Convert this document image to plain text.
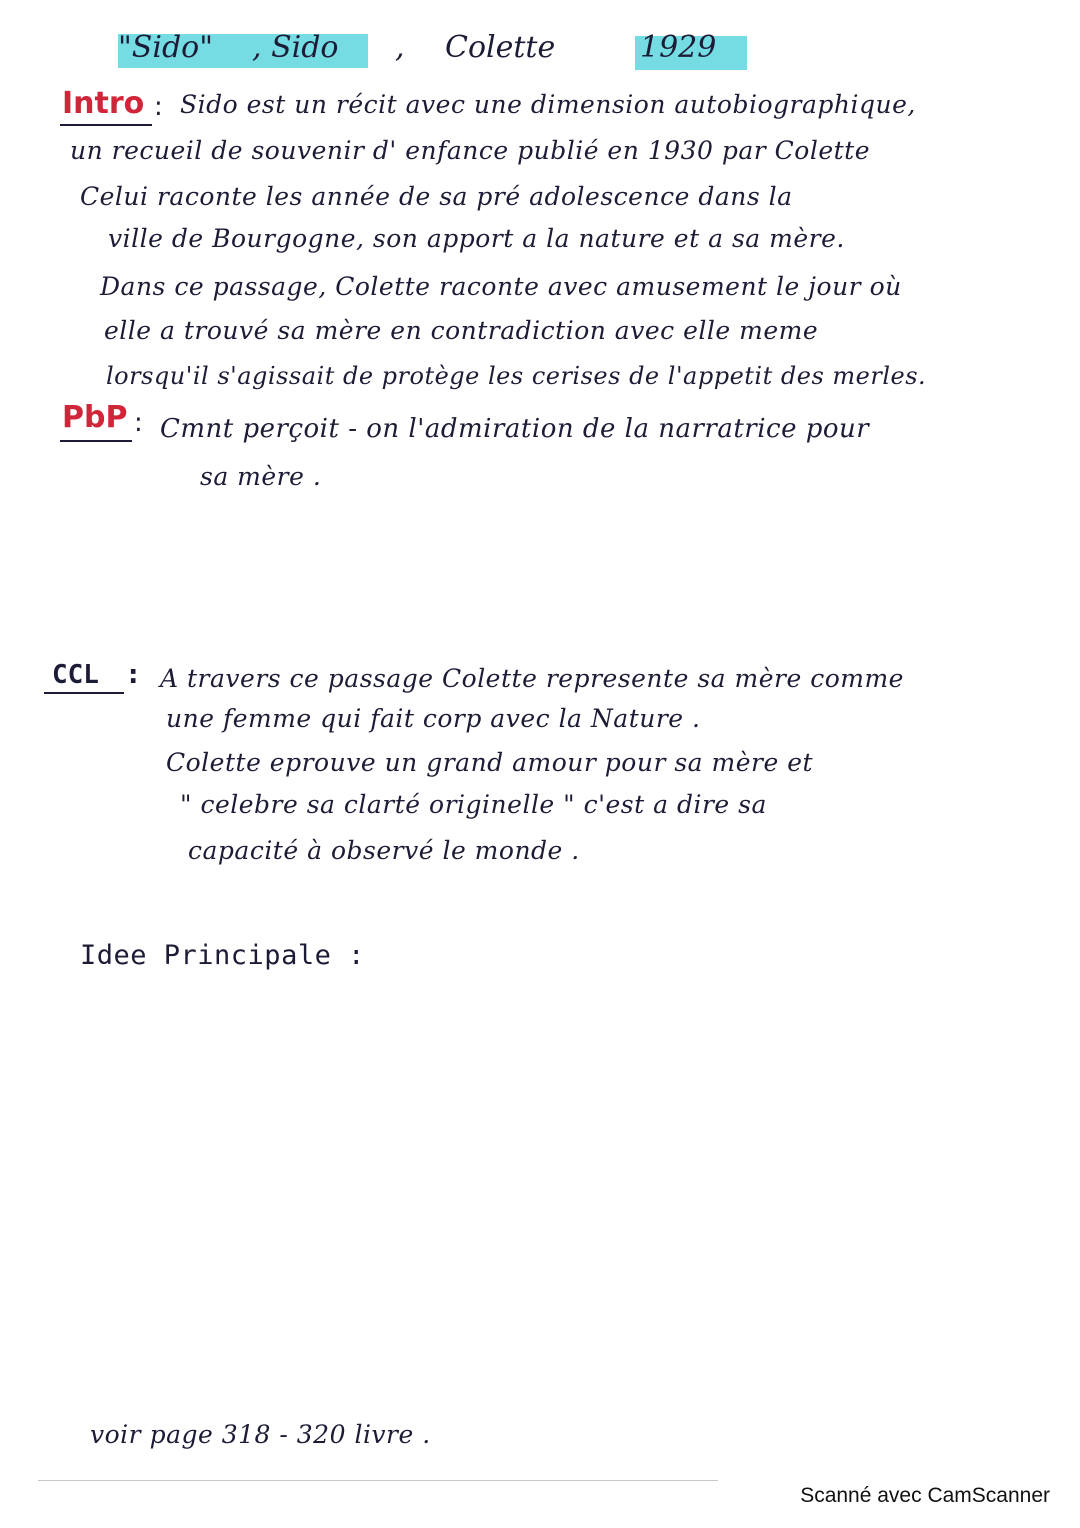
"Sido" , Sido , Colette	1929
Intro : Sido est un récit avec une dimension autobiographique,
un recueil de souvenir d' enfance publié en 1930 par Colette
Celui raconte les année de sa pré adolescence dans la
ville de Bourgogne, son apport a la nature et a sa mère.
Dans ce passage, Colette raconte avec amusement le jour où
elle a trouvé sa mère en contradiction avec elle meme
lorsqu'il s'agissait de protège les cerises de l'appetit des merles.
PbP : Cmnt perçoit - on l'admiration de la narratrice pour
sa mère .
CCL : A travers ce passage Colette represente sa mère comme
une femme qui fait corp avec la Nature .
Colette eprouve un grand amour pour sa mère et
" celebre sa clarté originelle " c'est a dire sa
capacité à observé le monde .
Idee Principale :
voir page 318 - 320 livre .
Scanné avec CamScanner
